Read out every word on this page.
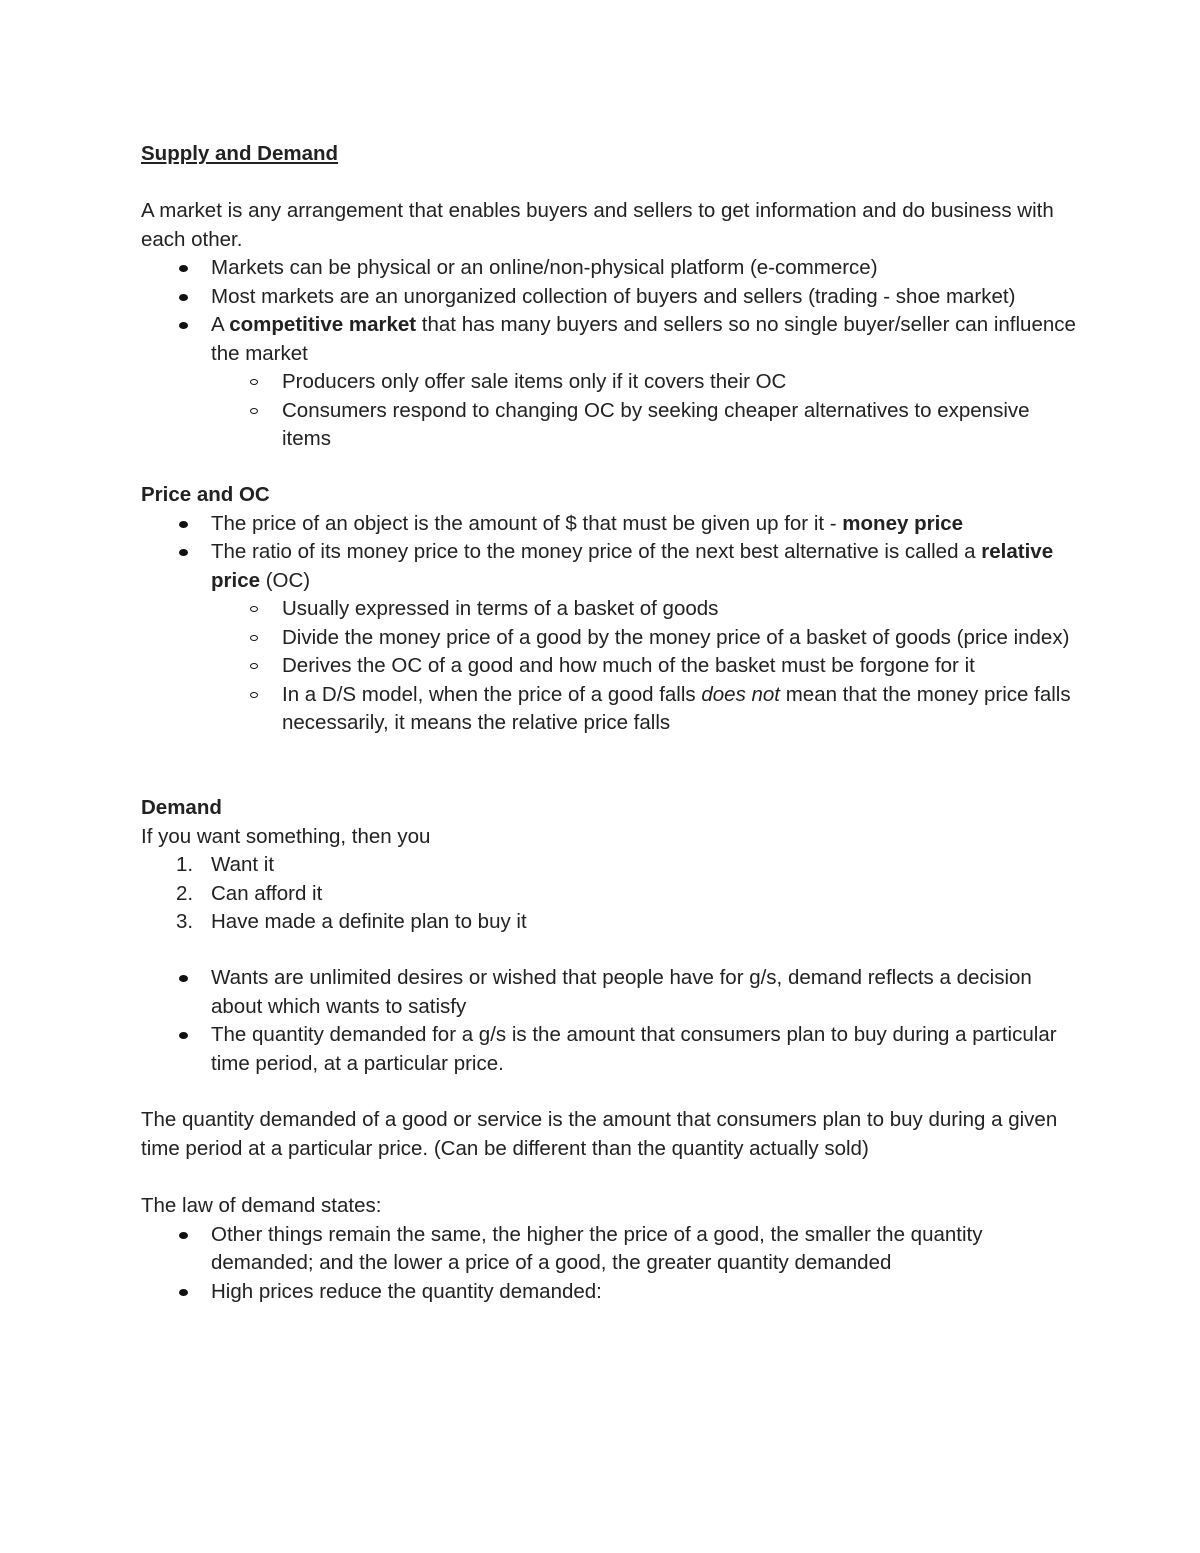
Supply and Demand

A market is any arrangement that enables buyers and sellers to get information and do business with each other.

Markets can be physical or an online/non-physical platform (e-commerce)
Most markets are an unorganized collection of buyers and sellers (trading - shoe market)
A competitive market that has many buyers and sellers so no single buyer/seller can influence the market
Producers only offer sale items only if it covers their OC
Consumers respond to changing OC by seeking cheaper alternatives to expensive items

Price and OC

The price of an object is the amount of $ that must be given up for it - money price
The ratio of its money price to the money price of the next best alternative is called a relative price (OC)
Usually expressed in terms of a basket of goods
Divide the money price of a good by the money price of a basket of goods (price index)
Derives the OC of a good and how much of the basket must be forgone for it
In a D/S model, when the price of a good falls does not mean that the money price falls necessarily, it means the relative price falls

Demand

If you want something, then you

1. Want it
2. Can afford it
3. Have made a definite plan to buy it
Wants are unlimited desires or wished that people have for g/s, demand reflects a decision about which wants to satisfy
The quantity demanded for a g/s is the amount that consumers plan to buy during a particular time period, at a particular price.

The quantity demanded of a good or service is the amount that consumers plan to buy during a given time period at a particular price. (Can be different than the quantity actually sold)

The law of demand states:

Other things remain the same, the higher the price of a good, the smaller the quantity demanded; and the lower a price of a good, the greater quantity demanded
High prices reduce the quantity demanded:
